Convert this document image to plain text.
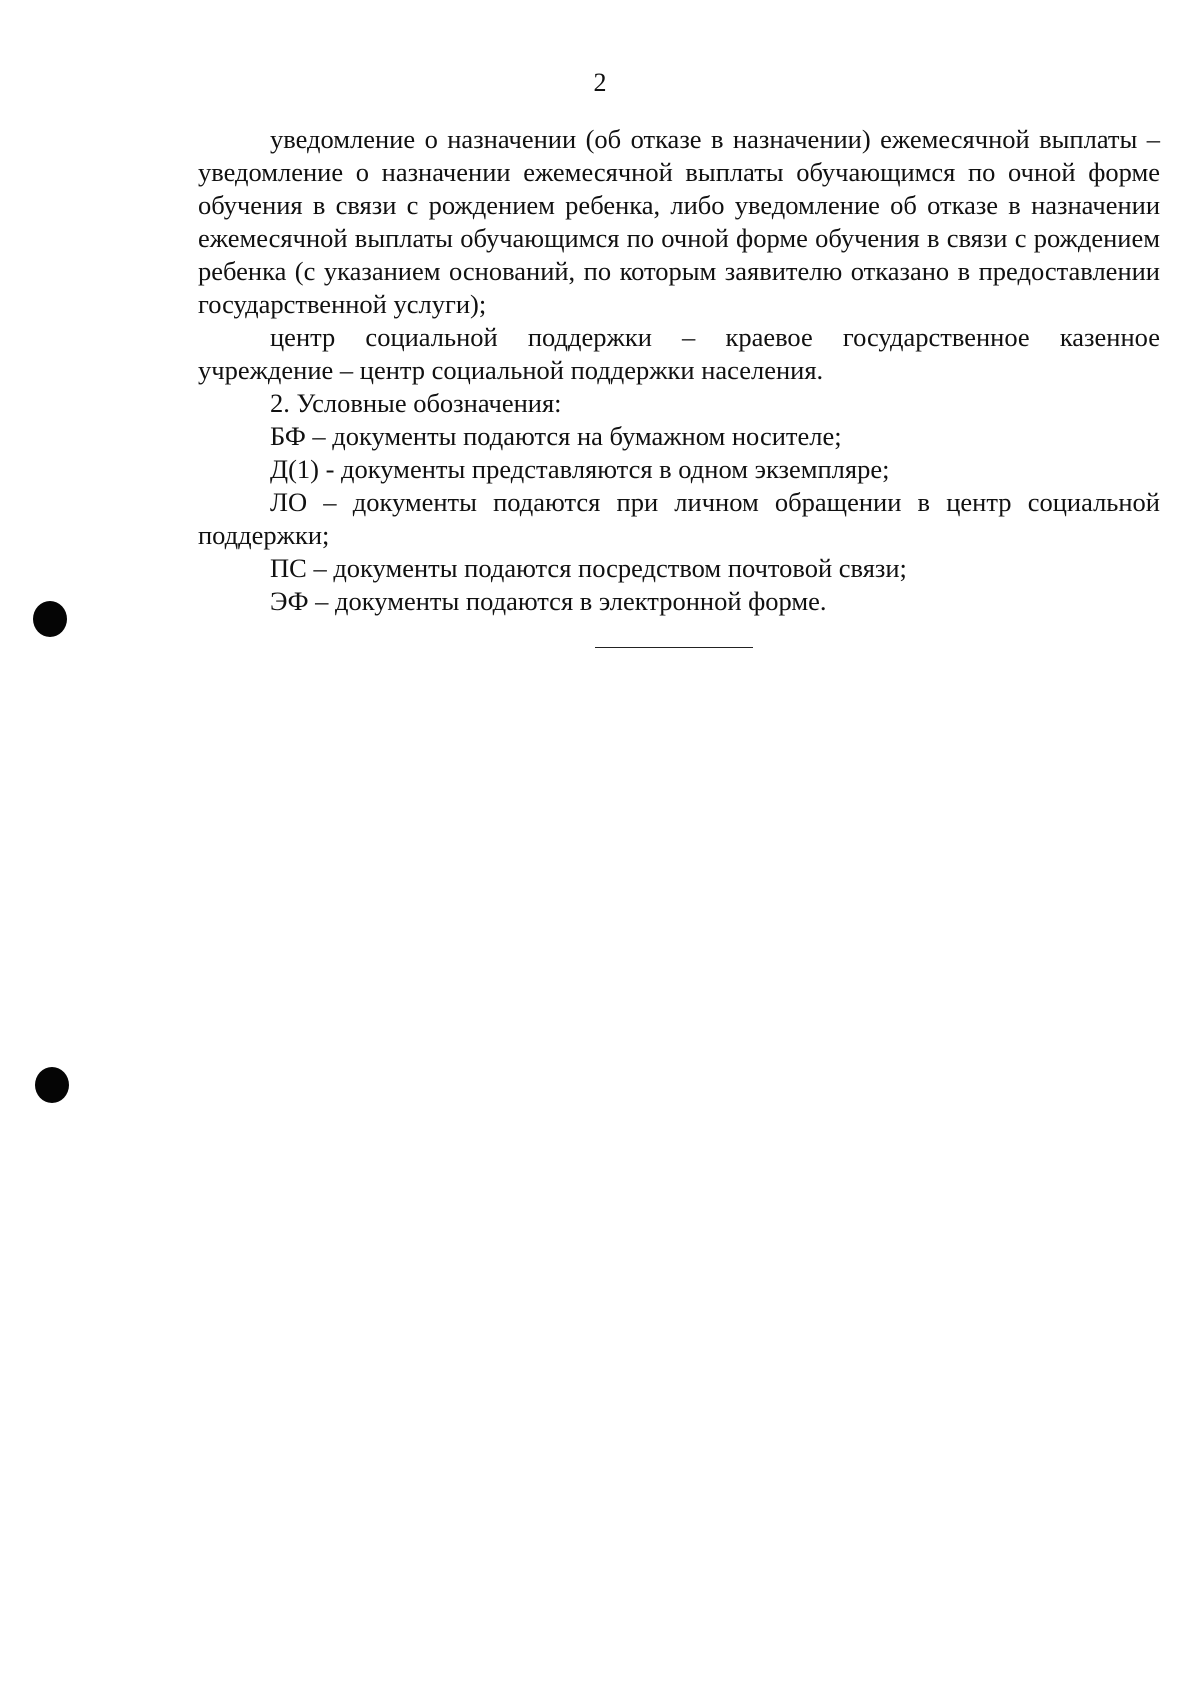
2

уведомление о назначении (об отказе в назначении) ежемесячной выплаты – уведомление о назначении ежемесячной выплаты обучающимся по очной форме обучения в связи с рождением ребенка, либо уведомление об отказе в назначении ежемесячной выплаты обучающимся по очной форме обучения в связи с рождением ребенка (с указанием оснований, по которым заявителю отказано в предоставлении государственной услуги);

центр социальной поддержки – краевое государственное казенное учреждение – центр социальной поддержки населения.

2. Условные обозначения:

БФ – документы подаются на бумажном носителе;

Д(1) - документы представляются в одном экземпляре;

ЛО – документы подаются при личном обращении в центр социальной поддержки;

ПС – документы подаются посредством почтовой связи;

ЭФ – документы подаются в электронной форме.
